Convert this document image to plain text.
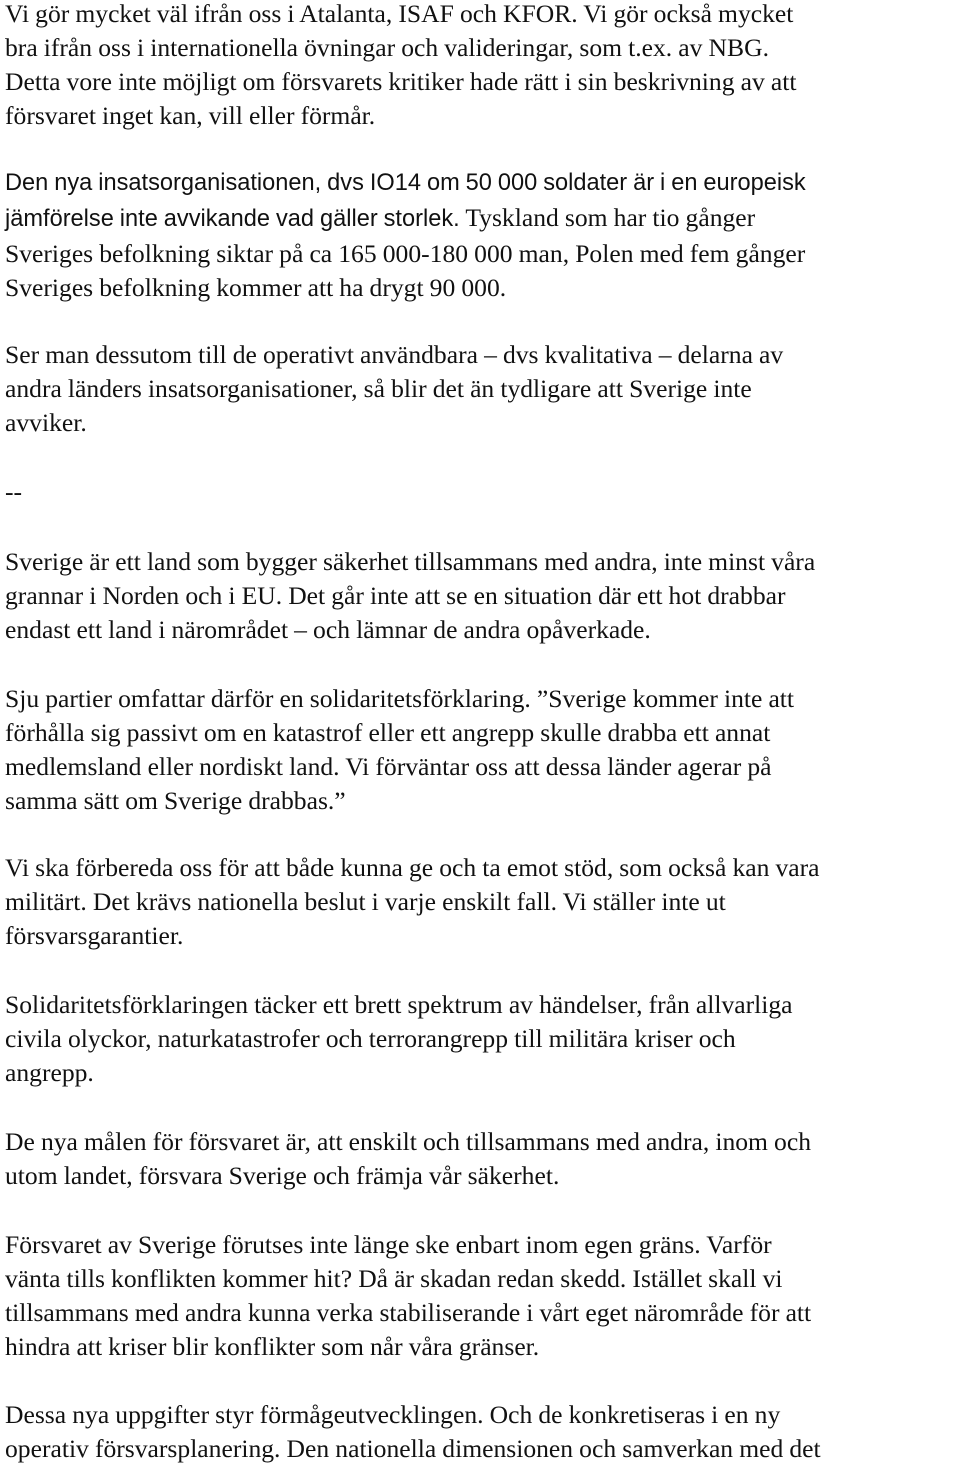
Vi gör mycket väl ifrån oss i Atalanta, ISAF och KFOR. Vi gör också mycket
bra ifrån oss i internationella övningar och valideringar, som t.ex. av NBG.
Detta vore inte möjligt om försvarets kritiker hade rätt i sin beskrivning av att
försvaret inget kan, vill eller förmår.

Den nya insatsorganisationen, dvs IO14 om 50 000 soldater är i en europeisk
jämförelse inte avvikande vad gäller storlek. Tyskland som har tio gånger
Sveriges befolkning siktar på ca 165 000-180 000 man, Polen med fem gånger
Sveriges befolkning kommer att ha drygt 90 000.

Ser man dessutom till de operativt användbara – dvs kvalitativa – delarna av
andra länders insatsorganisationer, så blir det än tydligare att Sverige inte
avviker.

--

Sverige är ett land som bygger säkerhet tillsammans med andra, inte minst våra
grannar i Norden och i EU. Det går inte att se en situation där ett hot drabbar
endast ett land i närområdet – och lämnar de andra opåverkade.

Sju partier omfattar därför en solidaritetsförklaring. ”Sverige kommer inte att
förhålla sig passivt om en katastrof eller ett angrepp skulle drabba ett annat
medlemsland eller nordiskt land. Vi förväntar oss att dessa länder agerar på
samma sätt om Sverige drabbas.”

Vi ska förbereda oss för att både kunna ge och ta emot stöd, som också kan vara
militärt. Det krävs nationella beslut i varje enskilt fall. Vi ställer inte ut
försvarsgarantier.

Solidaritetsförklaringen täcker ett brett spektrum av händelser, från allvarliga
civila olyckor, naturkatastrofer och terrorangrepp till militära kriser och
angrepp.

De nya målen för försvaret är, att enskilt och tillsammans med andra, inom och
utom landet, försvara Sverige och främja vår säkerhet.

Försvaret av Sverige förutses inte länge ske enbart inom egen gräns. Varför
vänta tills konflikten kommer hit? Då är skadan redan skedd. Istället skall vi
tillsammans med andra kunna verka stabiliserande i vårt eget närområde för att
hindra att kriser blir konflikter som når våra gränser.

Dessa nya uppgifter styr förmågeutvecklingen. Och de konkretiseras i en ny
operativ försvarsplanering. Den nationella dimensionen och samverkan med det
